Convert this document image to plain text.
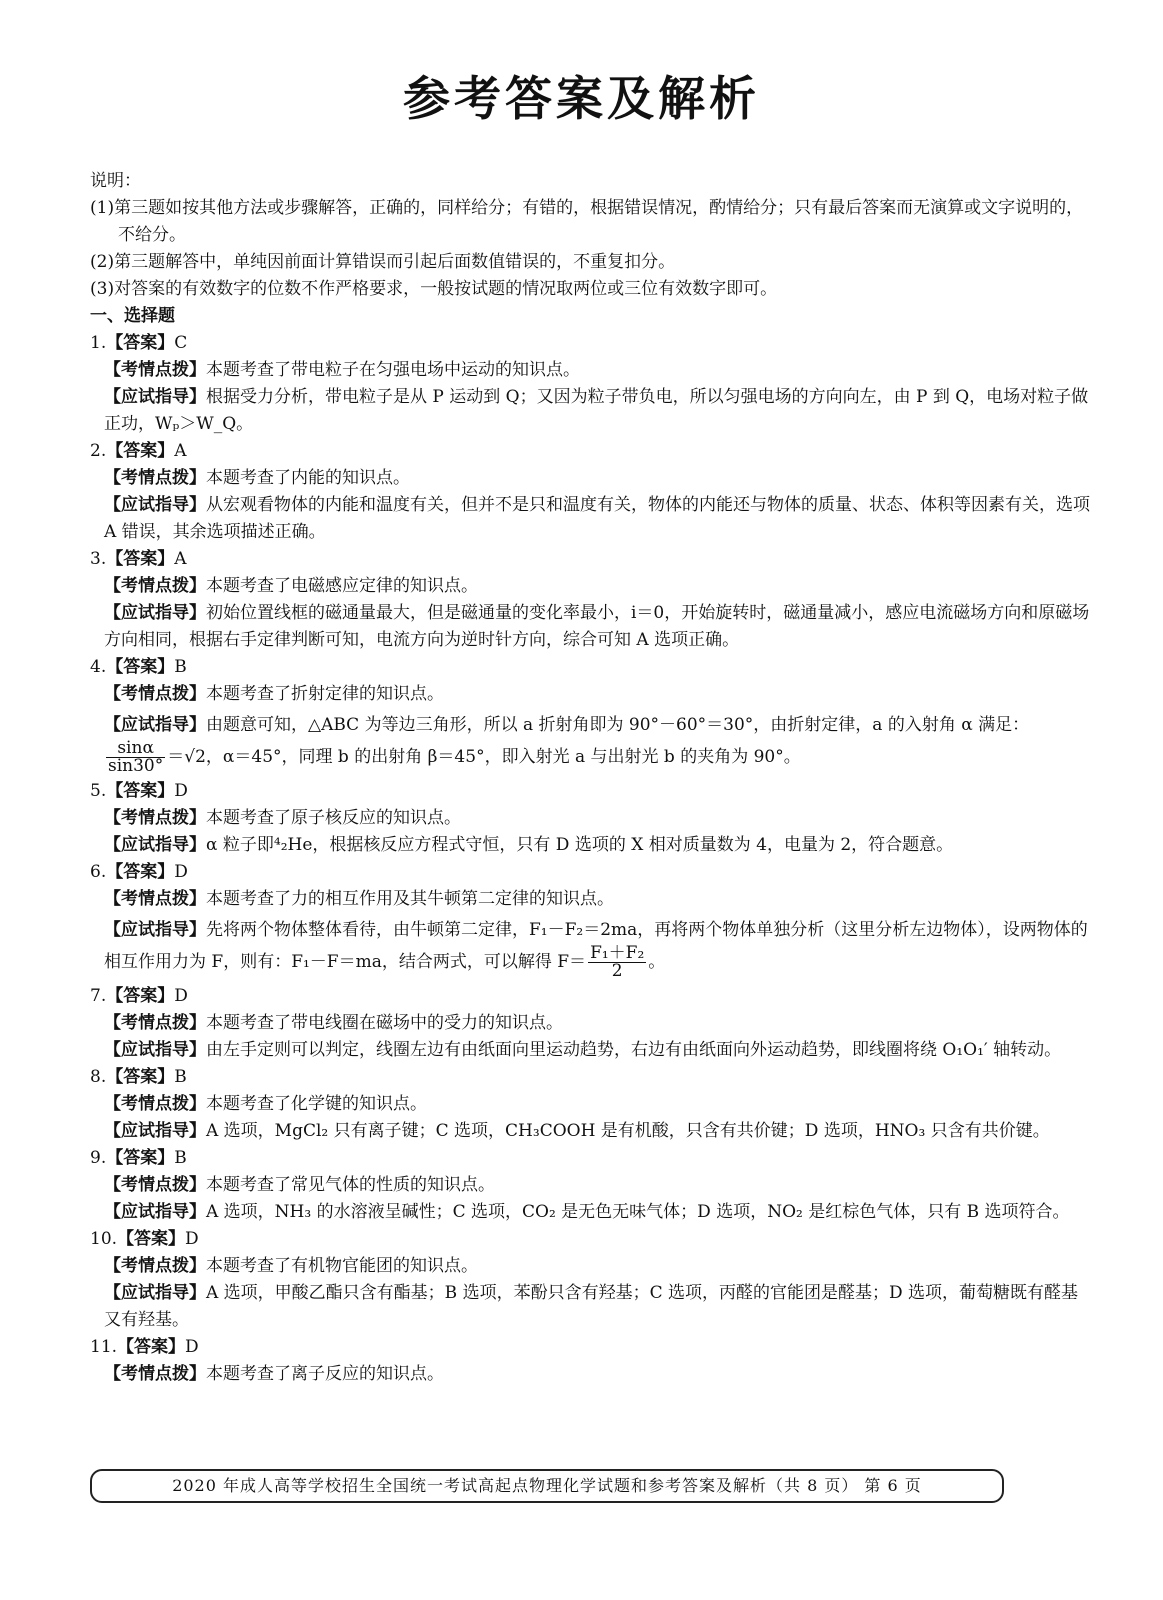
参考答案及解析

说明：

(1)第三题如按其他方法或步骤解答，正确的，同样给分；有错的，根据错误情况，酌情给分；只有最后答案而无演算或文字说明的，不给分。

(2)第三题解答中，单纯因前面计算错误而引起后面数值错误的，不重复扣分。

(3)对答案的有效数字的位数不作严格要求，一般按试题的情况取两位或三位有效数字即可。

一、选择题

1.【答案】C

【考情点拨】本题考查了带电粒子在匀强电场中运动的知识点。

【应试指导】根据受力分析，带电粒子是从 P 运动到 Q；又因为粒子带负电，所以匀强电场的方向向左，由 P 到 Q，电场对粒子做正功，Wₚ＞W_Q。

2.【答案】A

【考情点拨】本题考查了内能的知识点。

【应试指导】从宏观看物体的内能和温度有关，但并不是只和温度有关，物体的内能还与物体的质量、状态、体积等因素有关，选项 A 错误，其余选项描述正确。

3.【答案】A

【考情点拨】本题考查了电磁感应定律的知识点。

【应试指导】初始位置线框的磁通量最大，但是磁通量的变化率最小，i＝0，开始旋转时，磁通量减小，感应电流磁场方向和原磁场方向相同，根据右手定律判断可知，电流方向为逆时针方向，综合可知 A 选项正确。

4.【答案】B

【考情点拨】本题考查了折射定律的知识点。

【应试指导】由题意可知，△ABC 为等边三角形，所以 a 折射角即为 90°－60°＝30°，由折射定律，a 的入射角 α 满足：
$\frac{\sin\alpha}{\sin 30^\circ} =√2$，α＝45°，同理 b 的出射角 β＝45°，即入射光 a 与出射光 b 的夹角为 90°。

5.【答案】D

【考情点拨】本题考查了原子核反应的知识点。

【应试指导】α 粒子即⁴₂He，根据核反应方程式守恒，只有 D 选项的 X 相对质量数为 4，电量为 2，符合题意。

6.【答案】D

【考情点拨】本题考查了力的相互作用及其牛顿第二定律的知识点。

【应试指导】先将两个物体整体看待，由牛顿第二定律，F₁－F₂＝2ma，再将两个物体单独分析（这里分析左边物体），设两物体的相互作用力为 F，则有：F₁－F＝ma，结合两式，可以解得 $F= \frac{\text{F₁＋F₂}}{2}$ 。

7.【答案】D

【考情点拨】本题考查了带电线圈在磁场中的受力的知识点。

【应试指导】由左手定则可以判定，线圈左边有由纸面向里运动趋势，右边有由纸面向外运动趋势，即线圈将绕 O₁O₁′ 轴转动。

8.【答案】B

【考情点拨】本题考查了化学键的知识点。

【应试指导】A 选项，MgCl₂ 只有离子键；C 选项，CH₃COOH 是有机酸，只含有共价键；D 选项，HNO₃ 只含有共价键。

9.【答案】B

【考情点拨】本题考查了常见气体的性质的知识点。

【应试指导】A 选项，NH₃ 的水溶液呈碱性；C 选项，CO₂ 是无色无味气体；D 选项，NO₂ 是红棕色气体，只有 B 选项符合。

10.【答案】D

【考情点拨】本题考查了有机物官能团的知识点。

【应试指导】A 选项，甲酸乙酯只含有酯基；B 选项，苯酚只含有羟基；C 选项，丙醛的官能团是醛基；D 选项，葡萄糖既有醛基又有羟基。

11.【答案】D

【考情点拨】本题考查了离子反应的知识点。

2020 年成人高等学校招生全国统一考试高起点物理化学试题和参考答案及解析（共 8 页） 第 6 页
